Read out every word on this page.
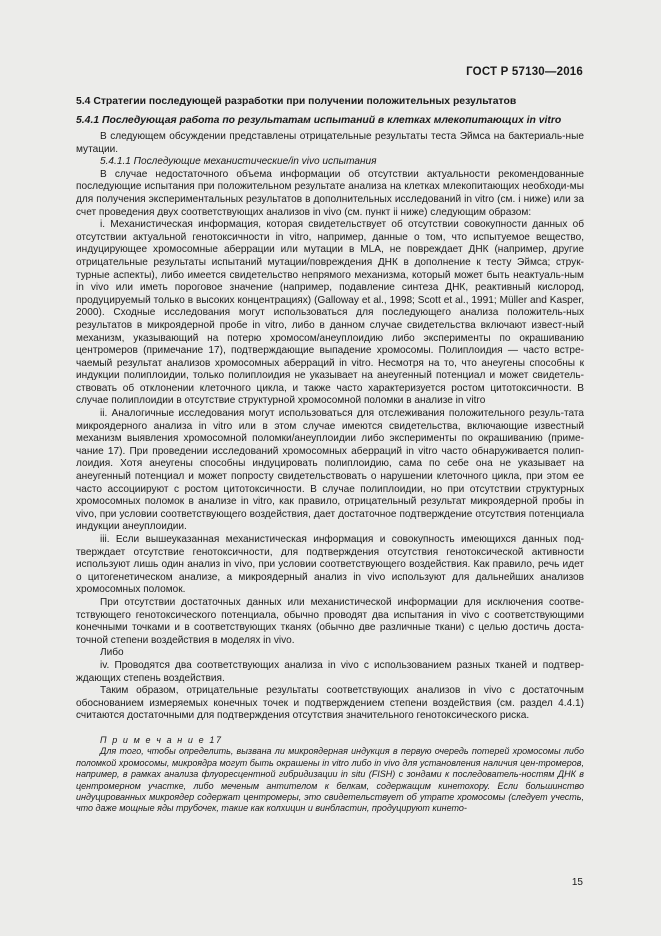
ГОСТ Р 57130—2016

5.4 Стратегии последующей разработки при получении положительных результатов

5.4.1 Последующая работа по результатам испытаний в клетках млекопитающих in vitro

В следующем обсуждении представлены отрицательные результаты теста Эймса на бактериаль-ные мутации.

5.4.1.1 Последующие механистические/in vivo испытания

В случае недостаточного объема информации об отсутствии актуальности рекомендованные последующие испытания при положительном результате анализа на клетках млекопитающих необходи-мы для получения экспериментальных результатов в дополнительных исследований in vitro (см. i ниже) или за счет проведения двух соответствующих анализов in vivo (см. пункт ii ниже) следующим образом:

i. Механистическая информация, которая свидетельствует об отсутствии совокупности данных об отсутствии актуальной генотоксичности in vitro, например, данные о том, что испытуемое вещество, индуцирующее хромосомные аберрации или мутации в MLA, не повреждает ДНК (например, другие отрицательные результаты испытаний мутации/повреждения ДНК в дополнение к тесту Эймса; струк-турные аспекты), либо имеется свидетельство непрямого механизма, который может быть неактуаль-ным in vivo или иметь пороговое значение (например, подавление синтеза ДНК, реактивный кислород, продуцируемый только в высоких концентрациях) (Galloway et al., 1998; Scott et al., 1991; Müller and Kasper, 2000). Сходные исследования могут использоваться для последующего анализа положитель-ных результатов в микроядерной пробе in vitro, либо в данном случае свидетельства включают извест-ный механизм, указывающий на потерю хромосом/анеуплоидию либо эксперименты по окрашиванию центромеров (примечание 17), подтверждающие выпадение хромосомы. Полиплоидия — часто встре-чаемый результат анализов хромосомных аберраций in vitro. Несмотря на то, что анеугены способны к индукции полиплоидии, только полиплоидия не указывает на анеугенный потенциал и может свидетель-ствовать об отклонении клеточного цикла, и также часто характеризуется ростом цитотоксичности. В случае полиплоидии в отсутствие структурной хромосомной поломки в анализе in vitro

ii. Аналогичные исследования могут использоваться для отслеживания положительного резуль-тата микроядерного анализа in vitro или в этом случае имеются свидетельства, включающие известный механизм выявления хромосомной поломки/анеуплоидии либо эксперименты по окрашиванию (приме-чание 17). При проведении исследований хромосомных аберраций in vitro часто обнаруживается полип-лоидия. Хотя анеугены способны индуцировать полиплоидию, сама по себе она не указывает на анеугенный потенциал и может попросту свидетельствовать о нарушении клеточного цикла, при этом ее часто ассоциируют с ростом цитотоксичности. В случае полиплоидии, но при отсутствии структурных хромосомных поломок в анализе in vitro, как правило, отрицательный результат микроядерной пробы in vivo, при условии соответствующего воздействия, дает достаточное подтверждение отсутствия потенциала индукции анеуплоидии.

iii. Если вышеуказанная механистическая информация и совокупность имеющихся данных под-тверждает отсутствие генотоксичности, для подтверждения отсутствия генотоксической активности используют лишь один анализ in vivo, при условии соответствующего воздействия. Как правило, речь идет о цитогенетическом анализе, а микроядерный анализ in vivo используют для дальнейших анализов хромосомных поломок.

При отсутствии достаточных данных или механистической информации для исключения соотве-тствующего генотоксического потенциала, обычно проводят два испытания in vivo с соответствующими конечными точками и в соответствующих тканях (обычно две различные ткани) с целью достичь доста-точной степени воздействия в моделях in vivo.

Либо

iv. Проводятся два соответствующих анализа in vivo с использованием разных тканей и подтвер-ждающих степень воздействия.

Таким образом, отрицательные результаты соответствующих анализов in vivo с достаточным обоснованием измеряемых конечных точек и подтверждением степени воздействия (см. раздел 4.4.1) считаются достаточными для подтверждения отсутствия значительного генотоксического риска.

П р и м е ч а н и е 17

Для того, чтобы определить, вызвана ли микроядерная индукция в первую очередь потерей хромосомы либо поломкой хромосомы, микроядра могут быть окрашены in vitro либо in vivo для установления наличия цен-тромеров, например, в рамках анализа флуоресцентной гибридизации in situ (FISH) с зондами к последователь-ностям ДНК в центромерном участке, либо меченым антителом к белкам, содержащим кинетохору. Если большинство индуцированных микроядер содержат центромеры, это свидетельствует об утрате хромосомы (следует учесть, что даже мощные яды трубочек, такие как колхицин и винбластин, продуцируют кинето-

15
